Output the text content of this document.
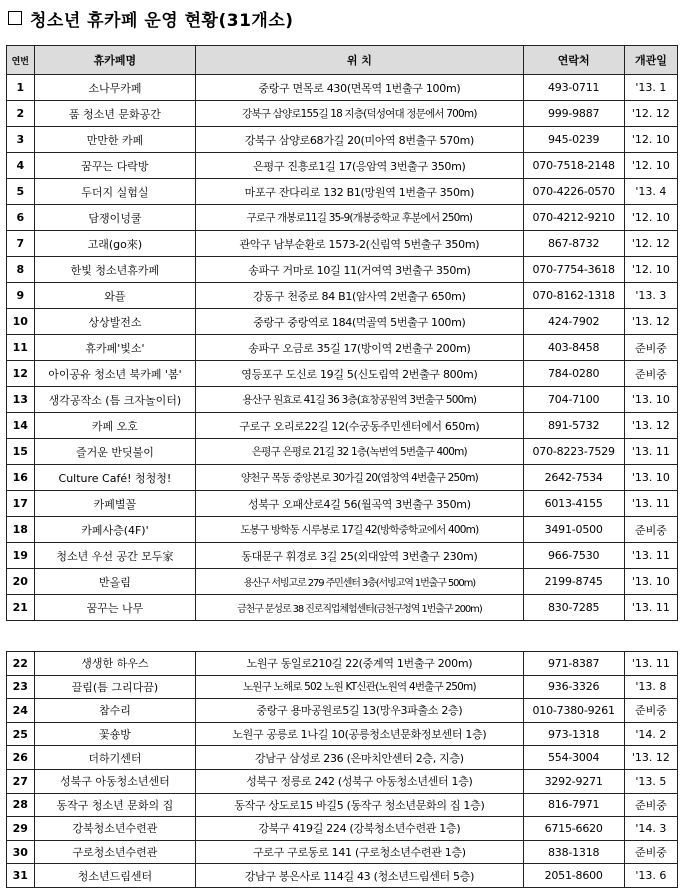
청소년 휴카페 운영 현황(31개소)
연번	휴카페명	위 치	연락처	개관일
1	소나무카페	중랑구 면목로 430(면목역 1번출구 100m)	493-0711	'13. 1
2	품 청소년 문화공간	강북구 삼양로155길 18 지층(덕성여대 정문에서 700m)	999-9887	'12. 12
3	만만한 카페	강북구 삼양로68가길 20(미아역 8번출구 570m)	945-0239	'12. 10
4	꿈꾸는 다락방	은평구 진흥로1길 17(응암역 3번출구 350m)	070-7518-2148	'12. 10
5	두더지 실험실	마포구 잔다리로 132 B1(망원역 1번출구 350m)	070-4226-0570	'13. 4
6	담쟁이넝쿨	구로구 개봉로11길 35-9(개봉중학교 후분에서 250m)	070-4212-9210	'12. 10
7	고래(go來)	관악구 남부순환로 1573-2(신림역 5번출구 350m)	867-8732	'12. 12
8	한빛 청소년휴카페	송파구 거마로 10길 11(거여역 3번출구 350m)	070-7754-3618	'12. 10
9	와플	강동구 천중로 84 B1(암사역 2번출구 650m)	070-8162-1318	'13. 3
10	상상발전소	중랑구 중랑역로 184(먹골역 5번출구 100m)	424-7902	'13. 12
11	휴카페'빛소'	송파구 오금로 35길 17(방이역 2번출구 200m)	403-8458	준비중
12	아이공유 청소년 북카페 '봄'	영등포구 도신로 19길 5(신도림역 2번출구 800m)	784-0280	준비중
13	생각공작소 (틈 크자놀이터)	용산구 원효로 41길 36 3층(효창공원역 3번출구 500m)	704-7100	'13. 10
14	카페 오호	구로구 오리로22길 12(수궁동주민센터에서 650m)	891-5732	'13. 12
15	즐거운 반딧불이	은평구 은평로 21길 32 1층(녹번역 5번출구 400m)	070-8223-7529	'13. 11
16	Culture Café! 청청청!	양천구 목동 중앙본로 30가길 20(염창역 4번출구 250m)	2642-7534	'13. 10
17	카페별꼴	성북구 오패산로4길 56(월곡역 3번출구 350m)	6013-4155	'13. 11
18	카페사층(4F)'	도봉구 방학동 시루봉로 17길 42(방학중학교에서 400m)	3491-0500	준비중
19	청소년 우선 공간 모두家	동대문구 휘경로 3길 25(외대앞역 3번출구 230m)	966-7530	'13. 11
20	반올림	용산구 서빙고로 279 주민센터 3층(서빙고역 1번출구 500m)	2199-8745	'13. 10
21	꿈꾸는 나무	금천구 문성로 38 진로직업체험센터(금천구청역 1번출구 200m)	830-7285	'13. 11
22	생생한 하우스	노원구 동일로210길 22(중계역 1번출구 200m)	971-8387	'13. 11
23	끌림(틈 그리다끔)	노원구 노해로 502 노원 KT신관(노원역 4번출구 250m)	936-3326	'13. 8
24	참수리	중랑구 용마공원로5길 13(망우3파출소 2층)	010-7380-9261	준비중
25	꽃숑방	노원구 공릉로 1나길 10(공릉청소년문화정보센터 1층)	973-1318	'14. 2
26	더하기센터	강남구 삼성로 236 (은마치안센터 2층, 지층)	554-3004	'13. 12
27	성북구 아동청소년센터	성북구 정릉로 242 (성북구 아동청소년센터 1층)	3292-9271	'13. 5
28	동작구 청소년 문화의 집	동작구 상도로15 바길5 (동작구 청소년문화의 집 1층)	816-7971	준비중
29	강북청소년수련관	강북구 419길 224 (강북청소년수련관 1층)	6715-6620	'14. 3
30	구로청소년수련관	구로구 구로동로 141 (구로청소년수련관 1층)	838-1318	준비중
31	청소년드림센터	강남구 봉은사로 114길 43 (청소년드림센터 5층)	2051-8600	'13. 6
